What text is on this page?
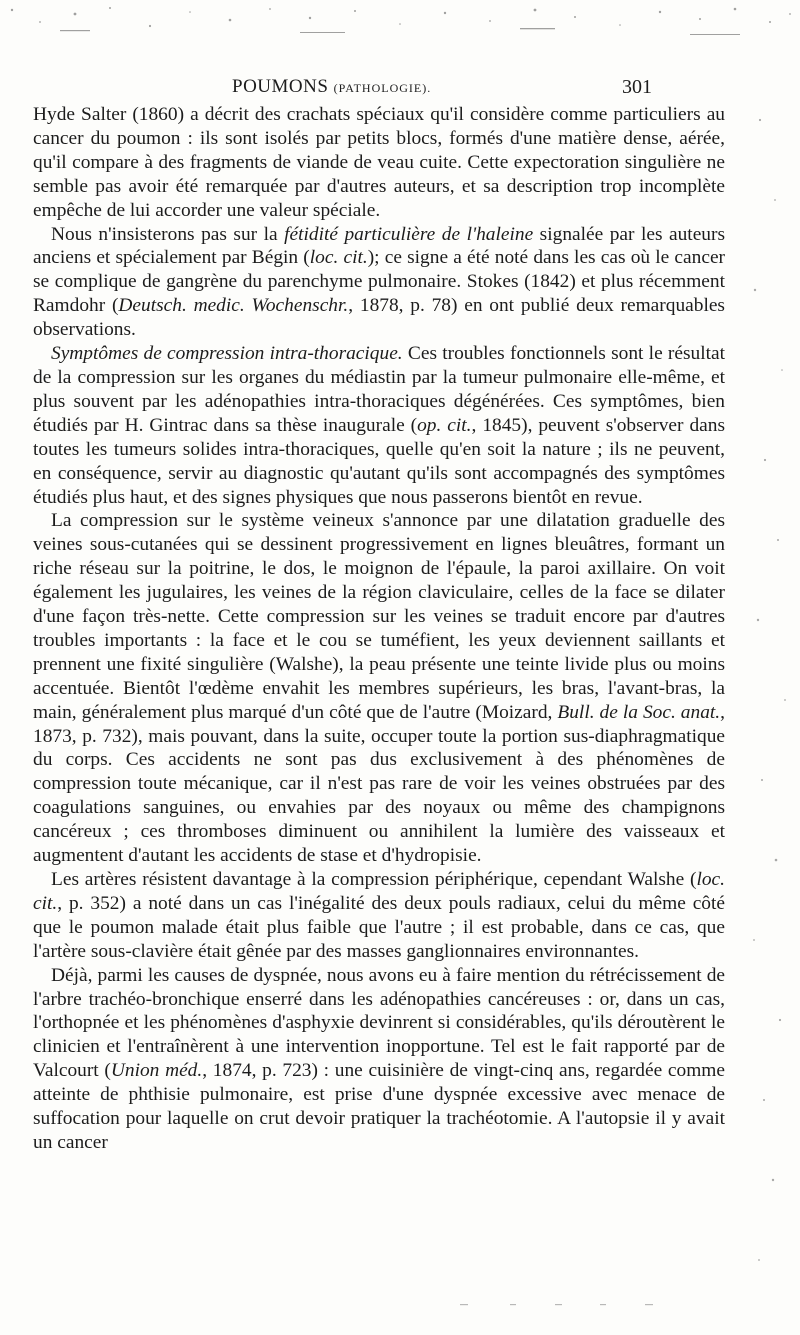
POUMONS (PATHOLOGIE).	301

Hyde Salter (1860) a décrit des crachats spéciaux qu'il considère comme particuliers au cancer du poumon : ils sont isolés par petits blocs, formés d'une matière dense, aérée, qu'il compare à des fragments de viande de veau cuite. Cette expectoration singulière ne semble pas avoir été remarquée par d'autres auteurs, et sa description trop incomplète empêche de lui accorder une valeur spéciale.

Nous n'insisterons pas sur la fétidité particulière de l'haleine signalée par les auteurs anciens et spécialement par Bégin (loc. cit.); ce signe a été noté dans les cas où le cancer se complique de gangrène du parenchyme pulmonaire. Stokes (1842) et plus récemment Ramdohr (Deutsch. medic. Wochenschr., 1878, p. 78) en ont publié deux remarquables observations.

Symptômes de compression intra-thoracique. Ces troubles fonctionnels sont le résultat de la compression sur les organes du médiastin par la tumeur pulmonaire elle-même, et plus souvent par les adénopathies intra-thoraciques dégénérées. Ces symptômes, bien étudiés par H. Gintrac dans sa thèse inaugurale (op. cit., 1845), peuvent s'observer dans toutes les tumeurs solides intra-thoraciques, quelle qu'en soit la nature ; ils ne peuvent, en conséquence, servir au diagnostic qu'autant qu'ils sont accompagnés des symptômes étudiés plus haut, et des signes physiques que nous passerons bientôt en revue.

La compression sur le système veineux s'annonce par une dilatation graduelle des veines sous-cutanées qui se dessinent progressivement en lignes bleuâtres, formant un riche réseau sur la poitrine, le dos, le moignon de l'épaule, la paroi axillaire. On voit également les jugulaires, les veines de la région claviculaire, celles de la face se dilater d'une façon très-nette. Cette compression sur les veines se traduit encore par d'autres troubles importants : la face et le cou se tuméfient, les yeux deviennent saillants et prennent une fixité singulière (Walshe), la peau présente une teinte livide plus ou moins accentuée. Bientôt l'œdème envahit les membres supérieurs, les bras, l'avant-bras, la main, généralement plus marqué d'un côté que de l'autre (Moizard, Bull. de la Soc. anat., 1873, p. 732), mais pouvant, dans la suite, occuper toute la portion sus-diaphragmatique du corps. Ces accidents ne sont pas dus exclusivement à des phénomènes de compression toute mécanique, car il n'est pas rare de voir les veines obstruées par des coagulations sanguines, ou envahies par des noyaux ou même des champignons cancéreux ; ces thromboses diminuent ou annihilent la lumière des vaisseaux et augmentent d'autant les accidents de stase et d'hydropisie.

Les artères résistent davantage à la compression périphérique, cependant Walshe (loc. cit., p. 352) a noté dans un cas l'inégalité des deux pouls radiaux, celui du même côté que le poumon malade était plus faible que l'autre ; il est probable, dans ce cas, que l'artère sous-clavière était gênée par des masses ganglionnaires environnantes.

Déjà, parmi les causes de dyspnée, nous avons eu à faire mention du rétrécissement de l'arbre trachéo-bronchique enserré dans les adénopathies cancéreuses : or, dans un cas, l'orthopnée et les phénomènes d'asphyxie devinrent si considérables, qu'ils déroutèrent le clinicien et l'entraînèrent à une intervention inopportune. Tel est le fait rapporté par de Valcourt (Union méd., 1874, p. 723) : une cuisinière de vingt-cinq ans, regardée comme atteinte de phthisie pulmonaire, est prise d'une dyspnée excessive avec menace de suffocation pour laquelle on crut devoir pratiquer la trachéotomie. A l'autopsie il y avait un cancer
